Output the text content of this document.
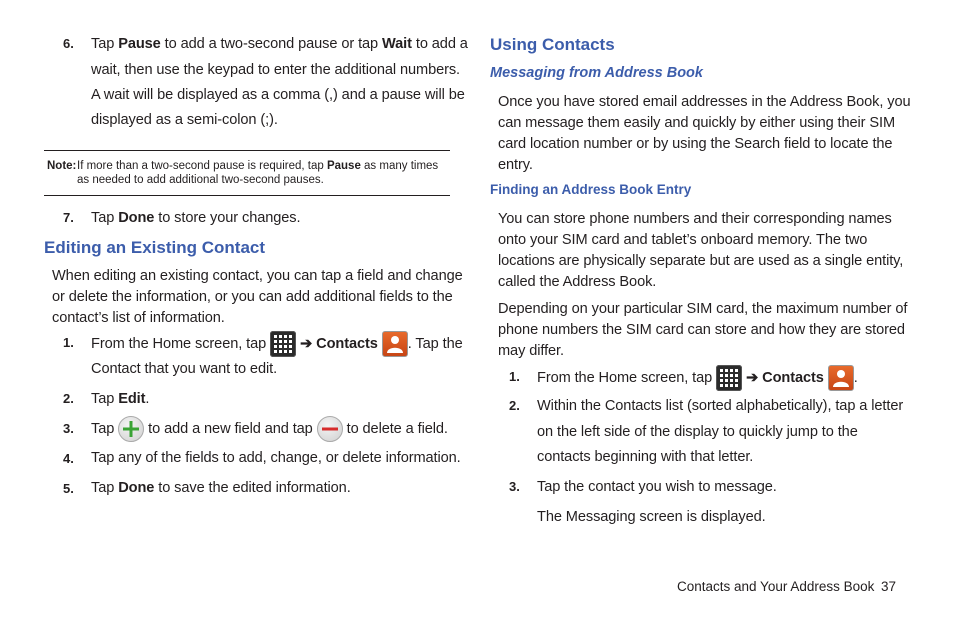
6. Tap Pause to add a two-second pause or tap Wait to add a
wait, then use the keypad to enter the additional numbers.
A wait will be displayed as a comma (,) and a pause will be
displayed as a semi-colon (;).
Note: If more than a two-second pause is required, tap Pause as many times
as needed to add additional two-second pauses.
7. Tap Done to store your changes.
Editing an Existing Contact
When editing an existing contact, you can tap a field and change
or delete the information, or you can add additional fields to the
contact’s list of information.
1. From the Home screen, tap
➔ Contacts . Tap the
Contact that you want to edit.
2. Tap Edit.
3. Tap
to add a new field and tap
to delete a field.
4. Tap any of the fields to add, change, or delete information.
5. Tap Done to save the edited information.
Using Contacts
Messaging from Address Book
Once you have stored email addresses in the Address Book, you
can message them easily and quickly by either using their SIM
card location number or by using the Search field to locate the
entry.
Finding an Address Book Entry
You can store phone numbers and their corresponding names
onto your SIM card and tablet’s onboard memory. The two
locations are physically separate but are used as a single entity,
called the Address Book.
Depending on your particular SIM card, the maximum number of
phone numbers the SIM card can store and how they are stored
may differ.
1. From the Home screen, tap
➔ Contacts .
2. Within the Contacts list (sorted alphabetically), tap a letter
on the left side of the display to quickly jump to the
contacts beginning with that letter.
3. Tap the contact you wish to message.
The Messaging screen is displayed.
Contacts and Your Address Book 37
